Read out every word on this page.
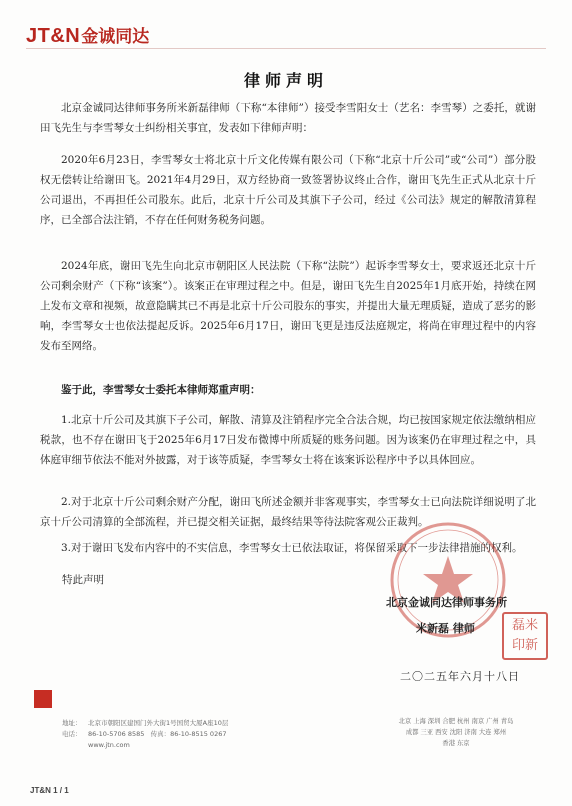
JT&N 金诚同达
律师声明

北京金诚同达律师事务所米新磊律师（下称“本律师”）接受李雪阳女士（艺名：李雪琴）之委托，就谢田飞先生与李雪琴女士纠纷相关事宜，发表如下律师声明：

2020年6月23日，李雪琴女士将北京十斤文化传媒有限公司（下称“北京十斤公司”或“公司”）部分股权无偿转让给谢田飞。2021年4月29日，双方经协商一致签署协议终止合作，谢田飞先生正式从北京十斤公司退出，不再担任公司股东。此后，北京十斤公司及其旗下子公司，经过《公司法》规定的解散清算程序，已全部合法注销，不存在任何财务税务问题。

2024年底，谢田飞先生向北京市朝阳区人民法院（下称“法院”）起诉李雪琴女士，要求返还北京十斤公司剩余财产（下称“该案”）。该案正在审理过程之中。但是，谢田飞先生自2025年1月底开始，持续在网上发布文章和视频，故意隐瞒其已不再是北京十斤公司股东的事实，并提出大量无理质疑，造成了恶劣的影响，李雪琴女士也依法提起反诉。2025年6月17日，谢田飞更是违反法庭规定，将尚在审理过程中的内容发布至网络。

鉴于此，李雪琴女士委托本律师郑重声明：

1.北京十斤公司及其旗下子公司，解散、清算及注销程序完全合法合规，均已按国家规定依法缴纳相应税款，也不存在谢田飞于2025年6月17日发布微博中所质疑的账务问题。因为该案仍在审理过程之中，具体庭审细节依法不能对外披露，对于该等质疑，李雪琴女士将在该案诉讼程序中予以具体回应。

2.对于北京十斤公司剩余财产分配，谢田飞所述金额并非客观事实，李雪琴女士已向法院详细说明了北京十斤公司清算的全部流程，并已提交相关证据，最终结果等待法院客观公正裁判。

3.对于谢田飞发布内容中的不实信息，李雪琴女士已依法取证，将保留采取下一步法律措施的权利。

特此声明
北京金诚同达律师事务所
米新磊 律师	磊米
印新
二〇二五年六月十八日
地址： 北京市朝阳区建国门外大街1号国贸大厦A座10层
电话： 86-10-5706 8585 传真：86-10-8515 0267
www.jtn.com
北京 上海 深圳 合肥 杭州 南京 广州 青岛
成都 三亚 西安 沈阳 济南 大连 郑州
香港 东京
JT&N 1 / 1
